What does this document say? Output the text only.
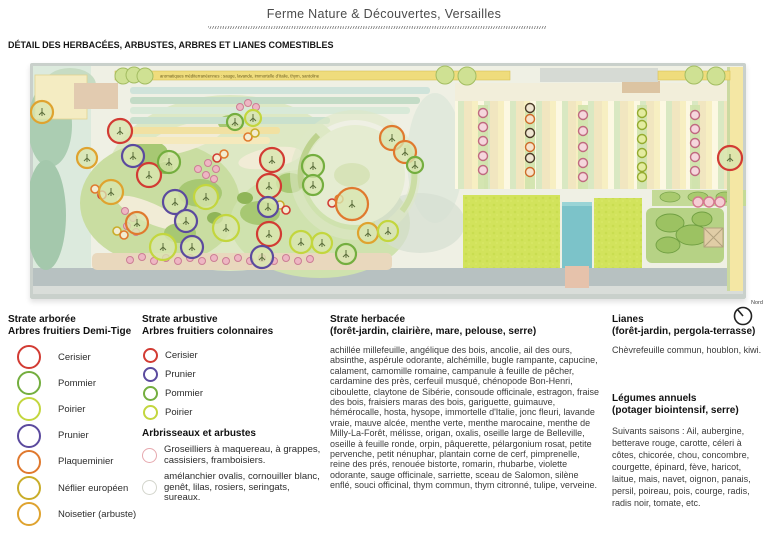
Ferme Nature & Découvertes, Versailles
DÉTAIL DES HERBACÉES, ARBUSTES, ARBRES ET LIANES COMESTIBLES
aromatiques méditerranéennes : sauge, lavande, immortelle d'Italie, thym, santoline
Strate arborée
Arbres fruitiers Demi-Tige
Cerisier
Pommier
Poirier
Prunier
Plaqueminier
Néflier européen
Noisetier (arbuste)
Strate arbustive
Arbres fruitiers colonnaires
Cerisier
Prunier
Pommier
Poirier
Arbrisseaux et arbustes
Groseilliers à maquereau, à grappes, cassisiers, framboisiers.
amélanchier ovalis, cornouiller blanc, genêt, lilas, rosiers, seringats, sureaux.
Strate herbacée
(forêt-jardin, clairière, mare, pelouse, serre)
achillée millefeuille, angélique des bois, ancolie, ail des ours, absinthe, aspérule odorante, alchémille, bugle rampante, capucine, calament, camomille romaine, campanule à feuille de pêcher, cardamine des près, cerfeuil musqué, chénopode Bon-Henri, ciboulette, claytone de Sibérie, consoude officinale, estragon, fraise des bois, fraisiers maras des bois, gariguette, guimauve, hémérocalle, hosta, hysope, immortelle d'Italie, jonc fleuri, lavande vraie, mauve alcée, menthe verte, menthe marocaine, menthe de Milly-La-Forêt, mélisse, origan, oxalis, oseille large de Belleville, oseille à feuille ronde, orpin, pâquerette, pélargonium rosat, petite pervenche, petit nénuphar, plantain corne de cerf, pimprenelle, reine des prés, renouée bistorte, romarin, rhubarbe, violette odorante, sauge officinale, sarriette, sceau de Salomon, silène enflé, souci officinal, thym commun, thym citronné, tulipe, verveine.
Lianes
(forêt-jardin, pergola-terrasse)
Chèvrefeuille commun, houblon, kiwi.
Légumes annuels
(potager biointensif, serre)
Suivants saisons : Ail, aubergine, betterave rouge, carotte, céleri à côtes, chicorée, chou, concombre, courgette, épinard, fève, haricot, laitue, mais, navet, oignon, panais, persil, poireau, pois, courge, radis, radis noir, tomate, etc.
Nord
